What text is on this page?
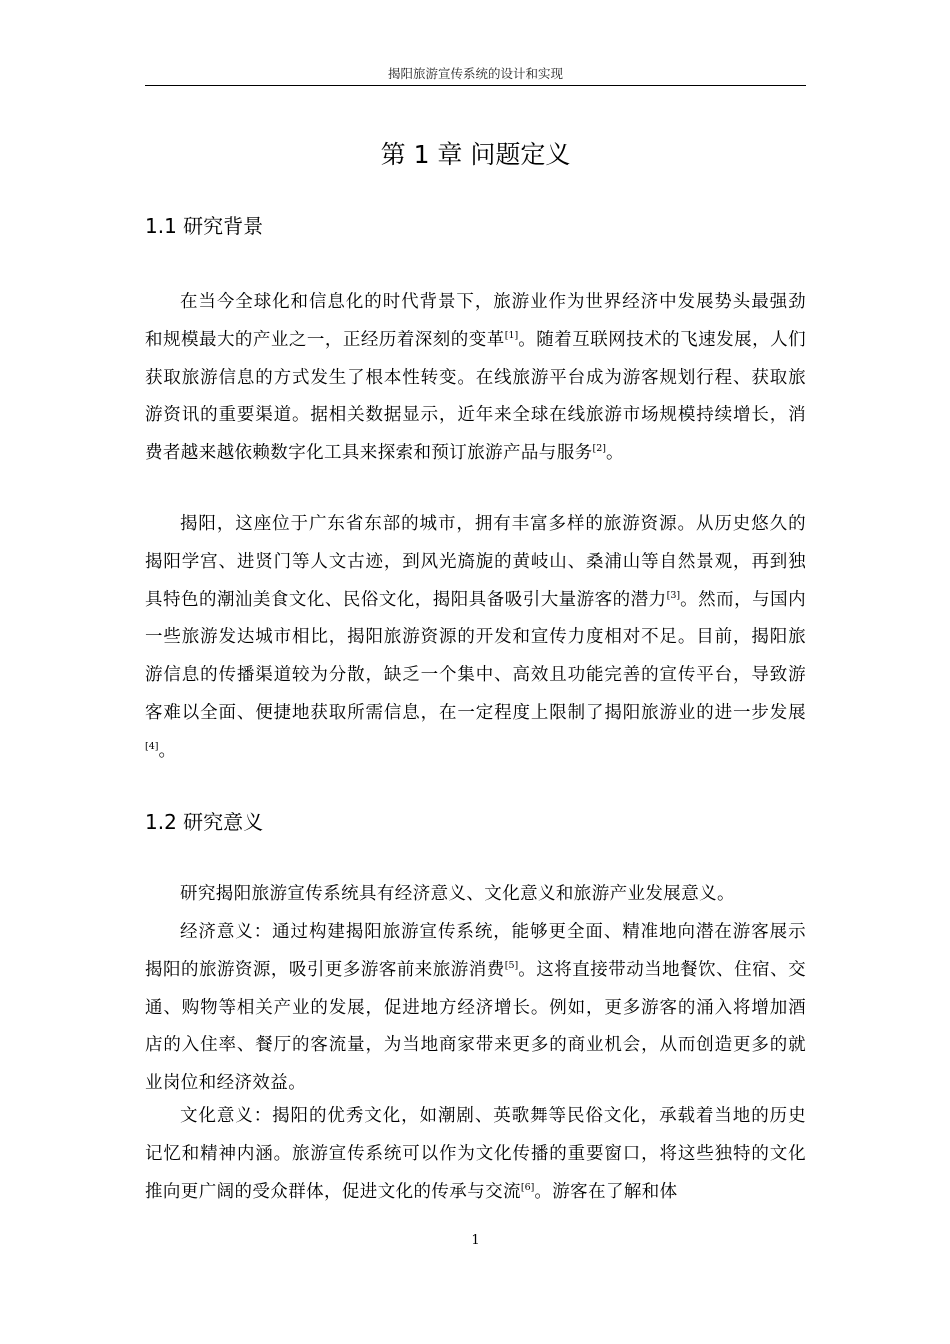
揭阳旅游宣传系统的设计和实现
第 1 章 问题定义
1.1 研究背景

在当今全球化和信息化的时代背景下，旅游业作为世界经济中发展势头最强劲和规模最大的产业之一，正经历着深刻的变革[1]。随着互联网技术的飞速发展，人们获取旅游信息的方式发生了根本性转变。在线旅游平台成为游客规划行程、获取旅游资讯的重要渠道。据相关数据显示，近年来全球在线旅游市场规模持续增长，消费者越来越依赖数字化工具来探索和预订旅游产品与服务[2]。

揭阳，这座位于广东省东部的城市，拥有丰富多样的旅游资源。从历史悠久的揭阳学宫、进贤门等人文古迹，到风光旖旎的黄岐山、桑浦山等自然景观，再到独具特色的潮汕美食文化、民俗文化，揭阳具备吸引大量游客的潜力[3]。然而，与国内一些旅游发达城市相比，揭阳旅游资源的开发和宣传力度相对不足。目前，揭阳旅游信息的传播渠道较为分散，缺乏一个集中、高效且功能完善的宣传平台，导致游客难以全面、便捷地获取所需信息，在一定程度上限制了揭阳旅游业的进一步发展[4]。

1.2 研究意义

研究揭阳旅游宣传系统具有经济意义、文化意义和旅游产业发展意义。

经济意义：通过构建揭阳旅游宣传系统，能够更全面、精准地向潜在游客展示揭阳的旅游资源，吸引更多游客前来旅游消费[5]。这将直接带动当地餐饮、住宿、交通、购物等相关产业的发展，促进地方经济增长。例如，更多游客的涌入将增加酒店的入住率、餐厅的客流量，为当地商家带来更多的商业机会，从而创造更多的就业岗位和经济效益。

文化意义：揭阳的优秀文化，如潮剧、英歌舞等民俗文化，承载着当地的历史记忆和精神内涵。旅游宣传系统可以作为文化传播的重要窗口，将这些独特的文化推向更广阔的受众群体，促进文化的传承与交流[6]。游客在了解和体

1
